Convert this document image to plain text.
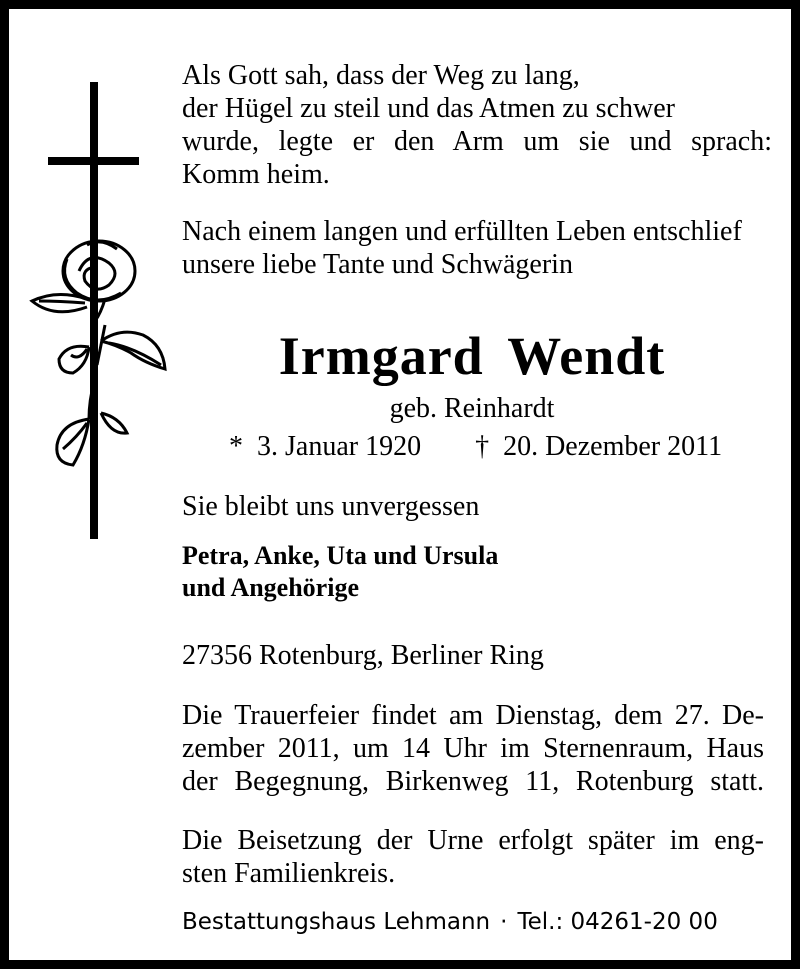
Als Gott sah, dass der Weg zu lang,
der Hügel zu steil und das Atmen zu schwer
wurde, legte er den Arm um sie und sprach:
Komm heim.
Nach einem langen und erfüllten Leben entschlief
unsere liebe Tante und Schwägerin
Irmgard Wendt
geb. Reinhardt
* 3. Januar 1920 † 20. Dezember 2011
Sie bleibt uns unvergessen
Petra, Anke, Uta und Ursula
und Angehörige
27356 Rotenburg, Berliner Ring
Die Trauerfeier findet am Dienstag, dem 27. De-
zember 2011, um 14 Uhr im Sternenraum, Haus
der Begegnung, Birkenweg 11, Rotenburg statt.
Die Beisetzung der Urne erfolgt später im eng-
sten Familienkreis.
Bestattungshaus Lehmann · Tel.: 04261-20 00
